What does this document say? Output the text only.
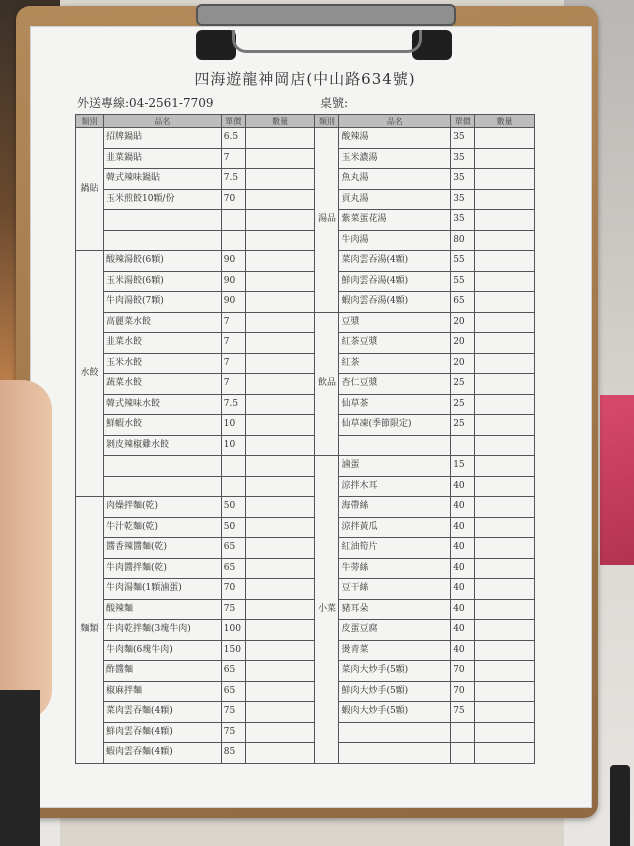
四海遊龍神岡店(中山路634號)
外送專線:04-2561-7709	桌號:
類別	品名	單價	數量	類別	品名	單價	數量
鍋貼	招牌鍋貼	6.5		湯品	酸辣湯	35	
	韭菜鍋貼	7			玉米濃湯	35	
	韓式辣味鍋貼	7.5			魚丸湯	35	
	玉米煎餃10顆/份	70			貢丸湯	35	
					紫菜蛋花湯	35	
					牛肉湯	80	
水餃	酸辣湯餃(6顆)	90			菜肉雲吞湯(4顆)	55	
	玉米湯餃(6顆)	90			鮮肉雲吞湯(4顆)	55	
	牛肉湯餃(7顆)	90			蝦肉雲吞湯(4顆)	65	
	高麗菜水餃	7		飲品	豆漿	20	
	韭菜水餃	7			紅茶豆漿	20	
	玉米水餃	7			紅茶	20	
	蔬菜水餃	7			杏仁豆漿	25	
	韓式辣味水餃	7.5			仙草茶	25	
	鮮蝦水餃	10			仙草凍(季節限定)	25	
	剝皮辣椒雞水餃	10					
				小菜	滷蛋	15	
					涼拌木耳	40	
麵類	肉燥拌麵(乾)	50			海帶絲	40	
	牛汁乾麵(乾)	50			涼拌黃瓜	40	
	醬香辣醬麵(乾)	65			紅油筍片	40	
	牛肉醬拌麵(乾)	65			牛蒡絲	40	
	牛肉湯麵(1顆滷蛋)	70			豆干絲	40	
	酸辣麵	75			豬耳朵	40	
	牛肉乾拌麵(3塊牛肉)	100			皮蛋豆腐	40	
	牛肉麵(6塊牛肉)	150			燙青菜	40	
	酢醬麵	65			菜肉大炒手(5顆)	70	
	椒麻拌麵	65			鮮肉大炒手(5顆)	70	
	菜肉雲吞麵(4顆)	75			蝦肉大炒手(5顆)	75	
	鮮肉雲吞麵(4顆)	75					
	蝦肉雲吞麵(4顆)	85					
